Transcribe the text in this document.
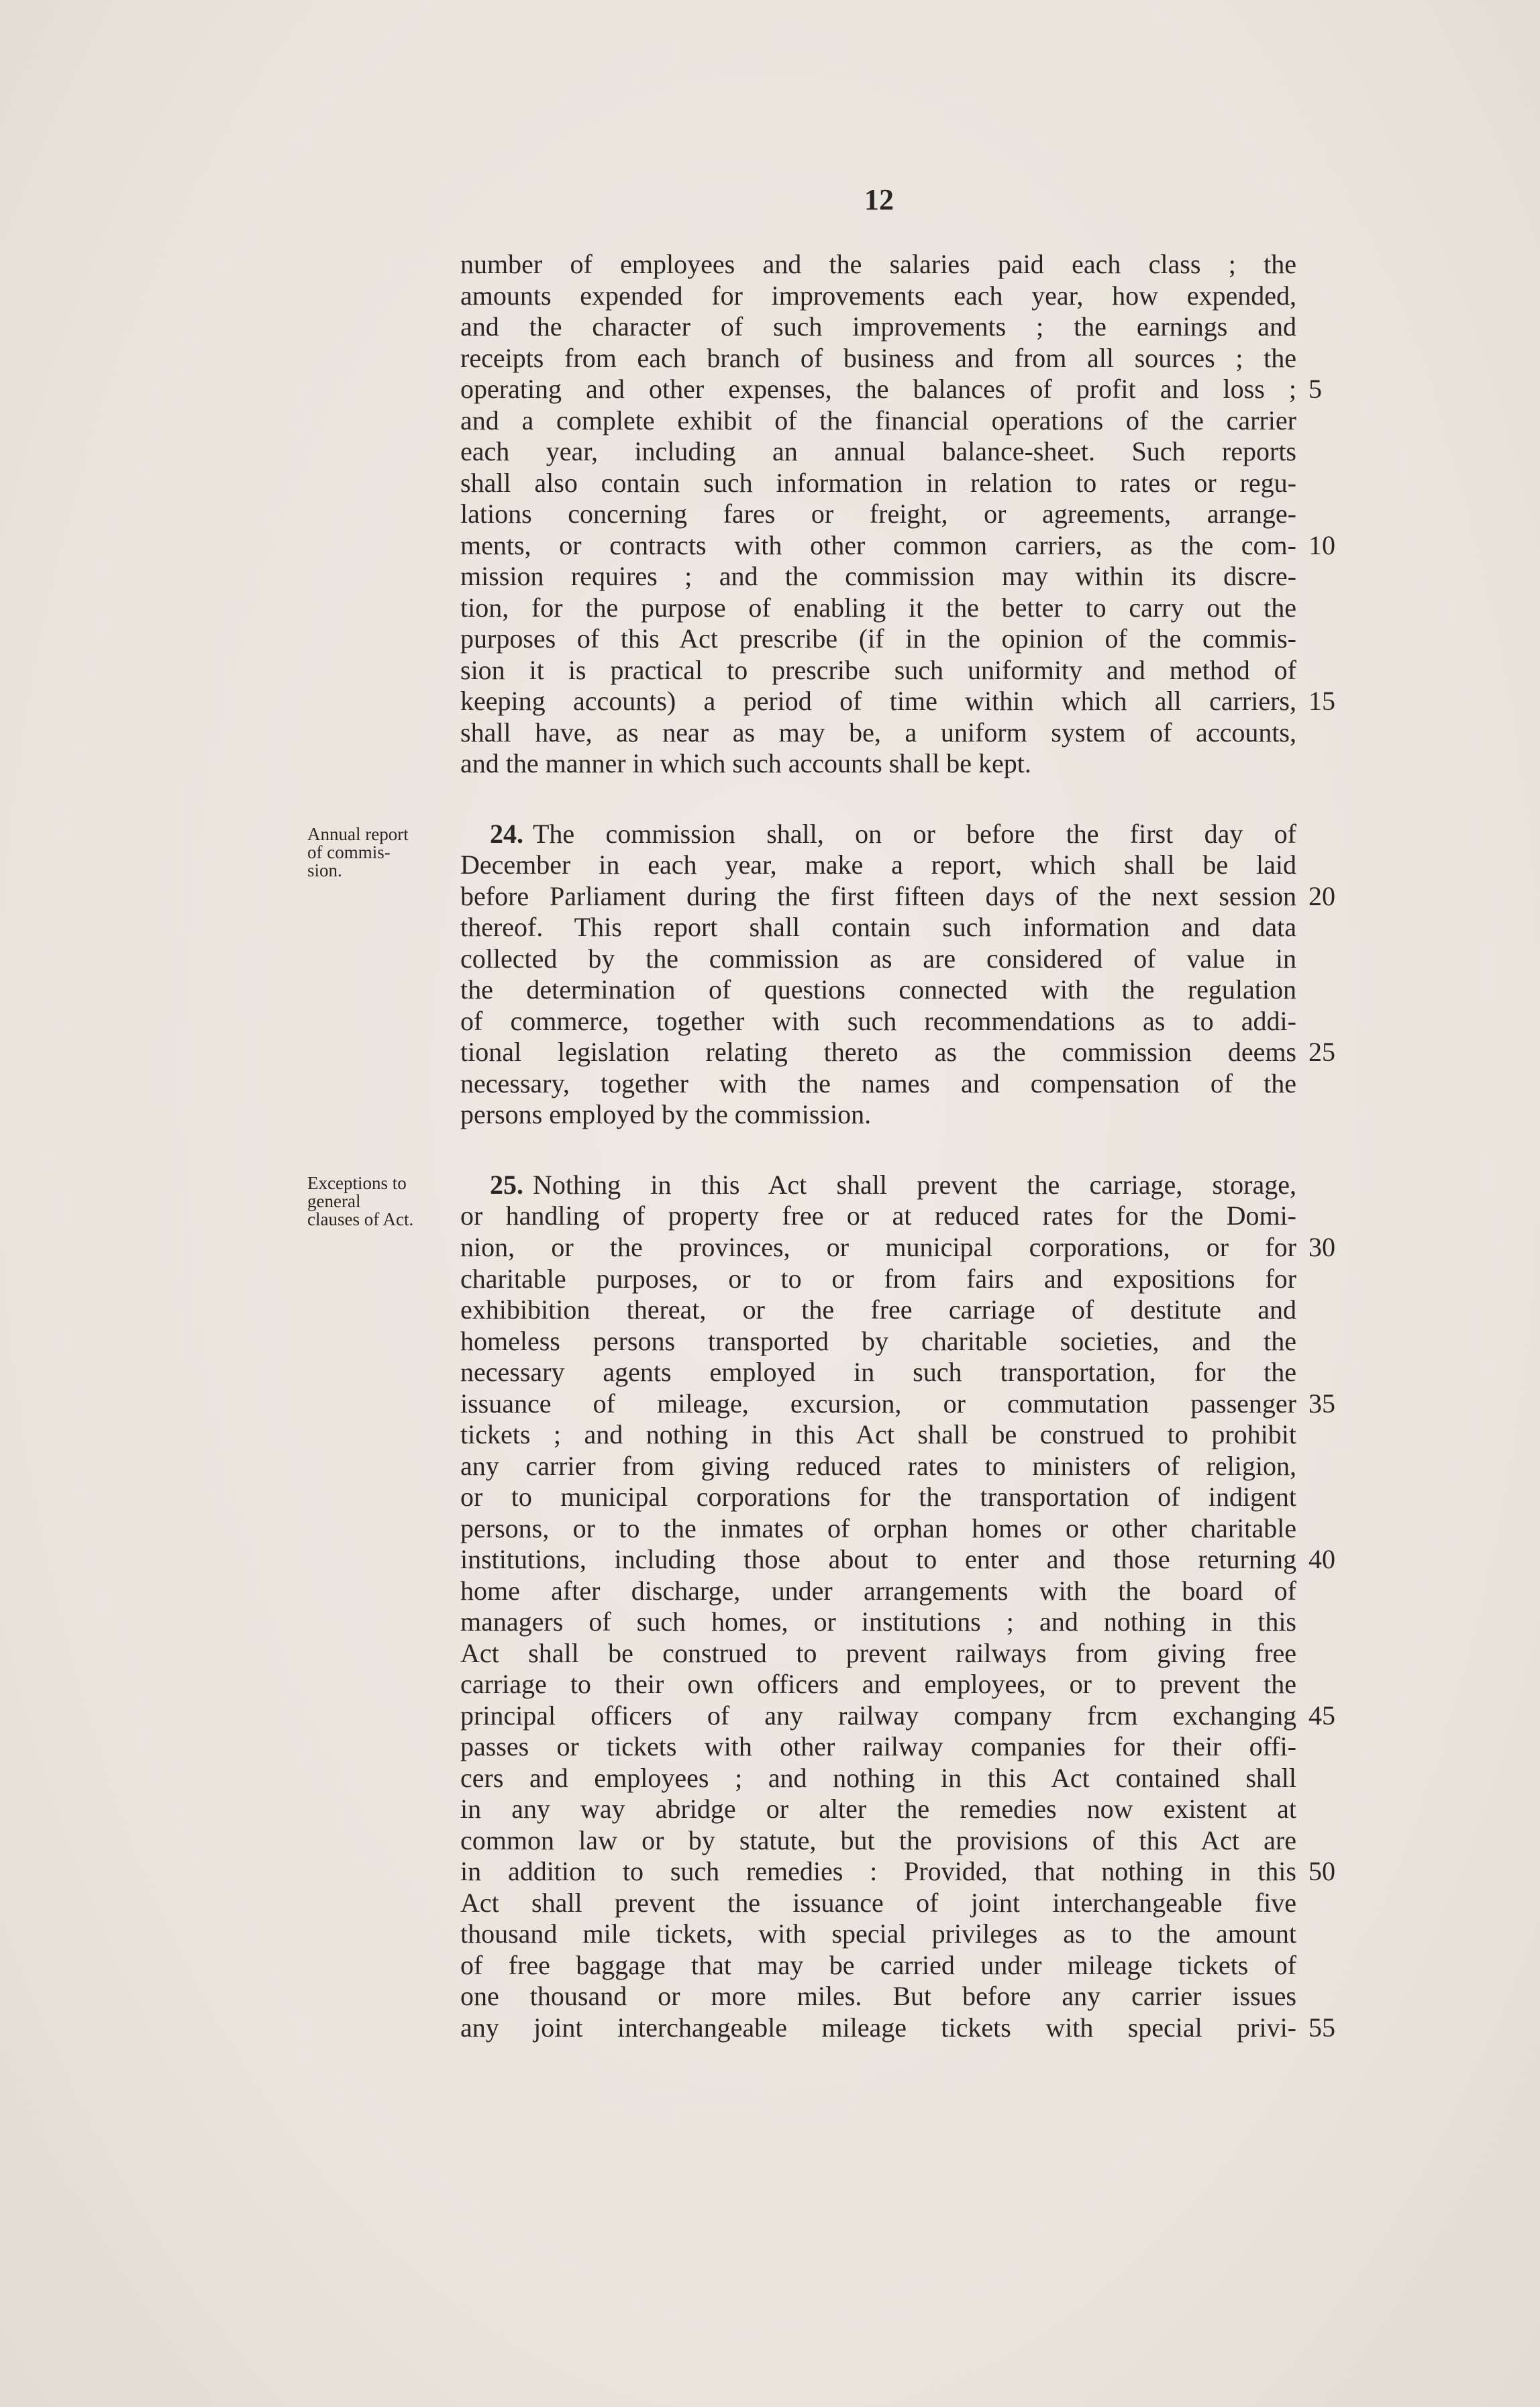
12
number of employees and the salaries paid each class ; the
amounts expended for improvements each year, how expended,
and the character of such improvements ; the earnings and
receipts from each branch of business and from all sources ; the
operating and other expenses, the balances of profit and loss ;
and a complete exhibit of the financial operations of the carrier
each year, including an annual balance-sheet. Such reports
shall also contain such information in relation to rates or regu-
lations concerning fares or freight, or agreements, arrange-
ments, or contracts with other common carriers, as the com-
mission requires ; and the commission may within its discre-
tion, for the purpose of enabling it the better to carry out the
purposes of this Act prescribe (if in the opinion of the commis-
sion it is practical to prescribe such uniformity and method of
keeping accounts) a period of time within which all carriers,
shall have, as near as may be, a uniform system of accounts,
and the manner in which such accounts shall be kept.
Annual report
of commis-
sion.
24. The commission shall, on or before the first day of
December in each year, make a report, which shall be laid
before Parliament during the first fifteen days of the next session
thereof. This report shall contain such information and data
collected by the commission as are considered of value in
the determination of questions connected with the regulation
of commerce, together with such recommendations as to addi-
tional legislation relating thereto as the commission deems
necessary, together with the names and compensation of the
persons employed by the commission.
Exceptions to
general
clauses of Act.
25. Nothing in this Act shall prevent the carriage, storage,
or handling of property free or at reduced rates for the Domi-
nion, or the provinces, or municipal corporations, or for
charitable purposes, or to or from fairs and expositions for
exhibibition thereat, or the free carriage of destitute and
homeless persons transported by charitable societies, and the
necessary agents employed in such transportation, for the
issuance of mileage, excursion, or commutation passenger
tickets ; and nothing in this Act shall be construed to prohibit
any carrier from giving reduced rates to ministers of religion,
or to municipal corporations for the transportation of indigent
persons, or to the inmates of orphan homes or other charitable
institutions, including those about to enter and those returning
home after discharge, under arrangements with the board of
managers of such homes, or institutions ; and nothing in this
Act shall be construed to prevent railways from giving free
carriage to their own officers and employees, or to prevent the
principal officers of any railway company frcm exchanging
passes or tickets with other railway companies for their offi-
cers and employees ; and nothing in this Act contained shall
in any way abridge or alter the remedies now existent at
common law or by statute, but the provisions of this Act are
in addition to such remedies : Provided, that nothing in this
Act shall prevent the issuance of joint interchangeable five
thousand mile tickets, with special privileges as to the amount
of free baggage that may be carried under mileage tickets of
one thousand or more miles. But before any carrier issues
any joint interchangeable mileage tickets with special privi-
5
10
15
20
25
30
35
40
45
50
55
